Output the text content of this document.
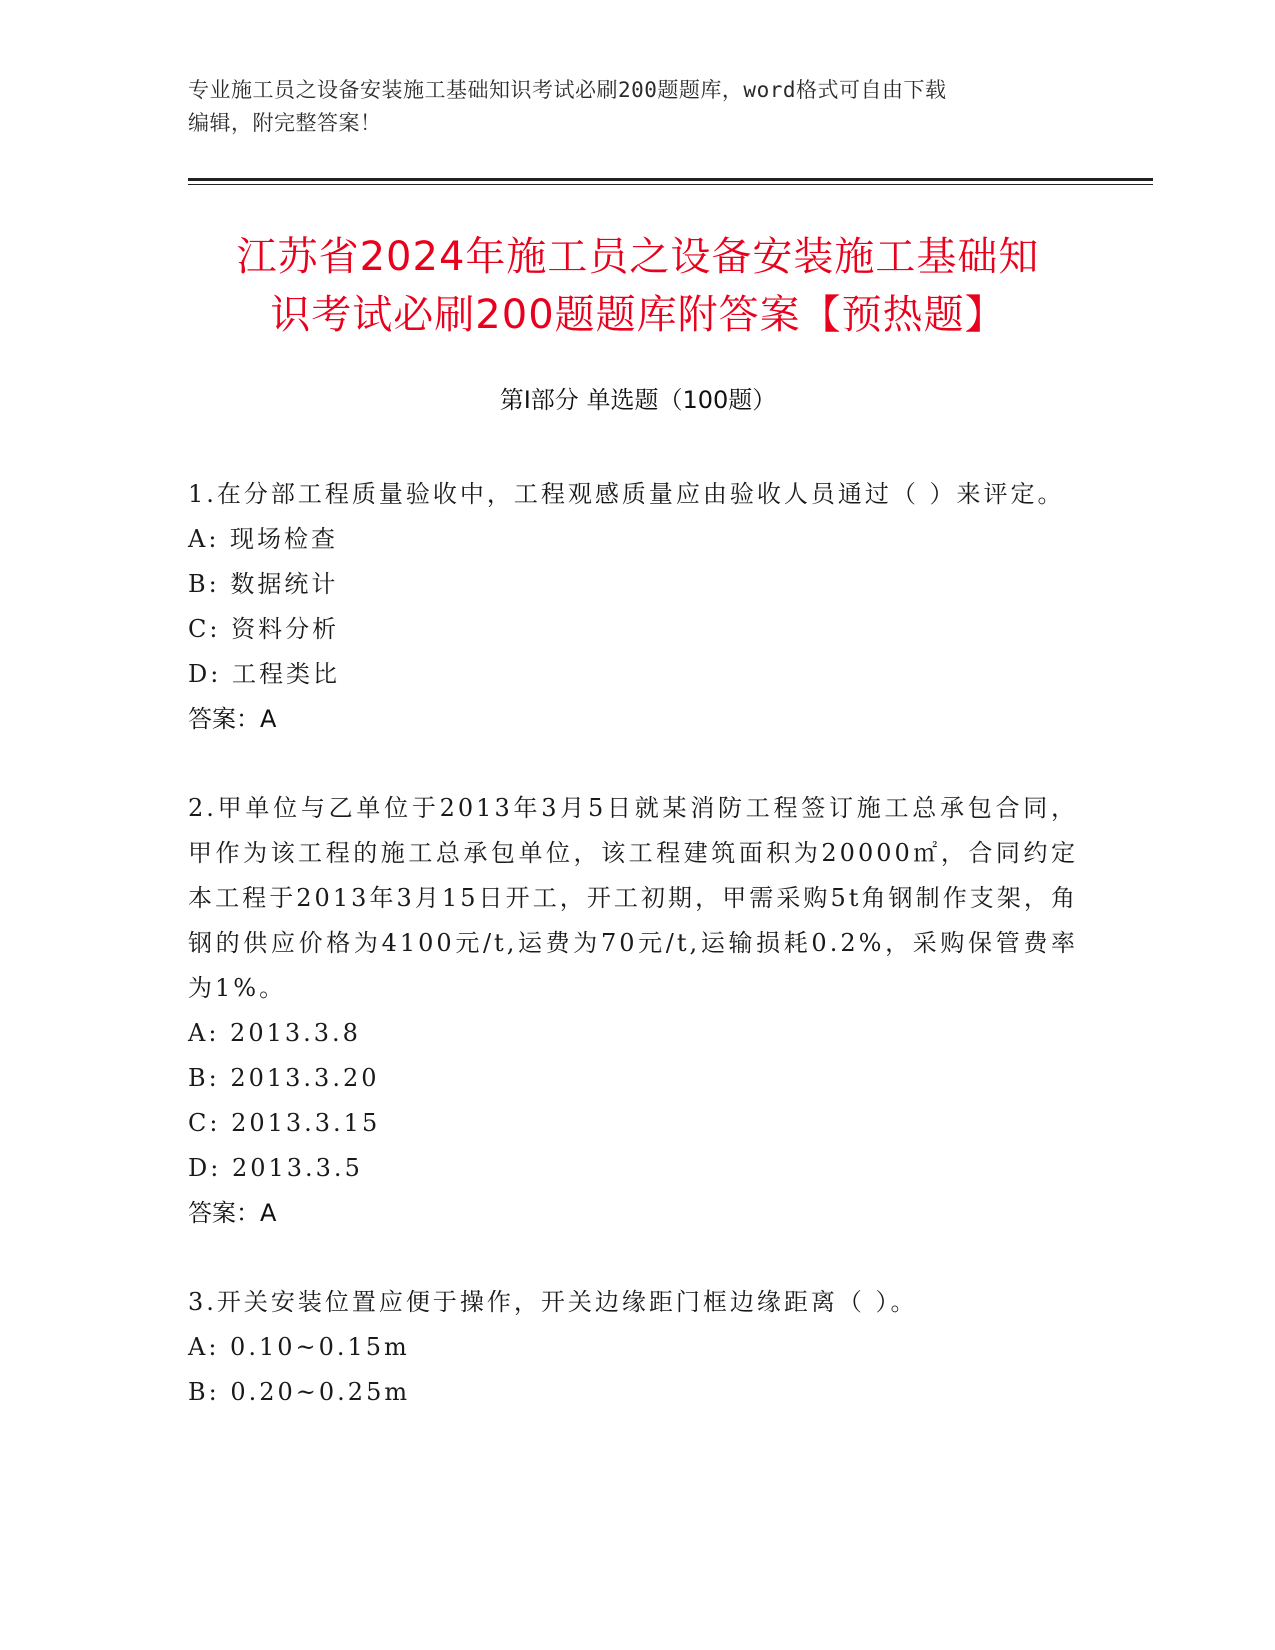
专业施工员之设备安装施工基础知识考试必刷200题题库，word格式可自由下载
编辑，附完整答案！
江苏省2024年施工员之设备安装施工基础知
识考试必刷200题题库附答案【预热题】
第Ⅰ部分 单选题（100题）

1.在分部工程质量验收中，工程观感质量应由验收人员通过（ ）来评定。

A: 现场检查

B: 数据统计

C: 资料分析

D: 工程类比

答案：A

2.甲单位与乙单位于2013年3月5日就某消防工程签订施工总承包合同，甲作为该工程的施工总承包单位，该工程建筑面积为20000㎡，合同约定本工程于2013年3月15日开工，开工初期，甲需采购5t角钢制作支架，角钢的供应价格为4100元/t,运费为70元/t,运输损耗0.2%，采购保管费率为1%。

A: 2013.3.8

B: 2013.3.20

C: 2013.3.15

D: 2013.3.5

答案：A

3.开关安装位置应便于操作，开关边缘距门框边缘距离（ ）。

A: 0.10~0.15m

B: 0.20~0.25m
